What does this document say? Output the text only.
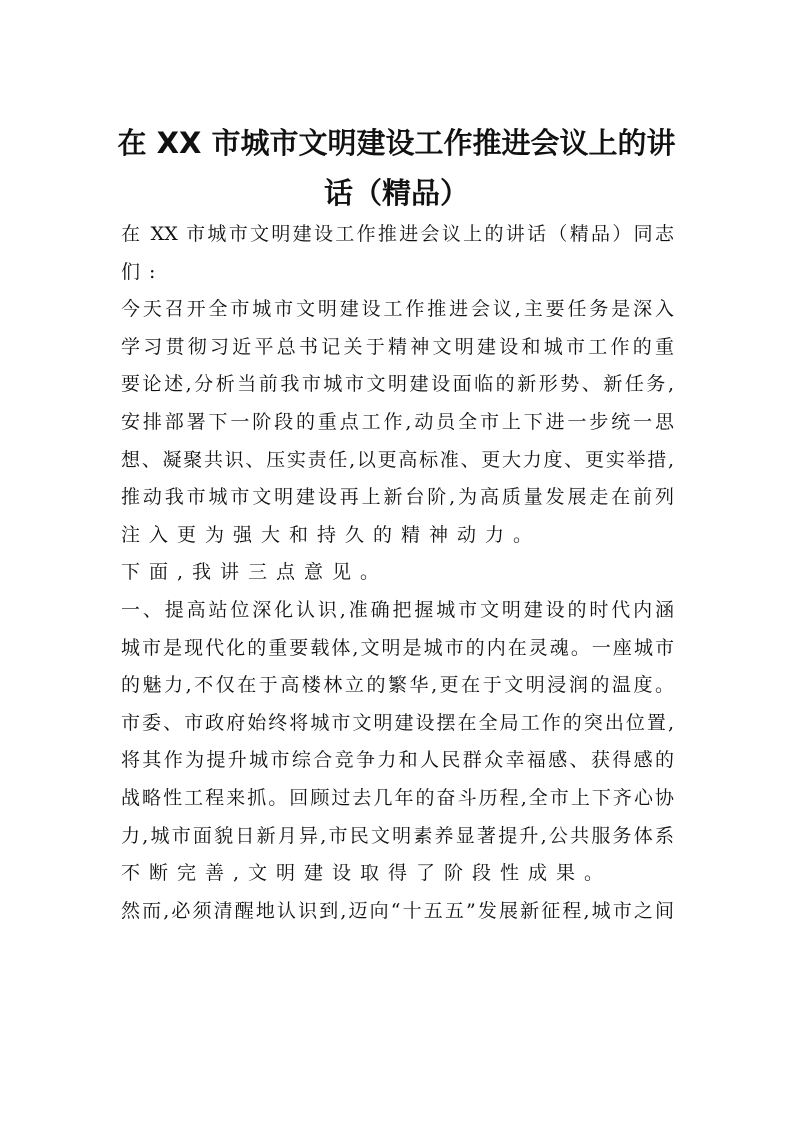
在 XX 市城市文明建设工作推进会议上的讲
话（精品）
在 XX 市城市文明建设工作推进会议上的讲话（精品）同志
们:
今天召开全市城市文明建设工作推进会议,主要任务是深入
学习贯彻习近平总书记关于精神文明建设和城市工作的重
要论述,分析当前我市城市文明建设面临的新形势、新任务,
安排部署下一阶段的重点工作,动员全市上下进一步统一思
想、凝聚共识、压实责任,以更高标准、更大力度、更实举措,
推动我市城市文明建设再上新台阶,为高质量发展走在前列
注入更为强大和持久的精神动力。
下面,我讲三点意见。
一、提高站位深化认识,准确把握城市文明建设的时代内涵
城市是现代化的重要载体,文明是城市的内在灵魂。一座城市
的魅力,不仅在于高楼林立的繁华,更在于文明浸润的温度。
市委、市政府始终将城市文明建设摆在全局工作的突出位置,
将其作为提升城市综合竞争力和人民群众幸福感、获得感的
战略性工程来抓。回顾过去几年的奋斗历程,全市上下齐心协
力,城市面貌日新月异,市民文明素养显著提升,公共服务体系
不断完善,文明建设取得了阶段性成果。
然而,必须清醒地认识到,迈向“十五五”发展新征程,城市之间
